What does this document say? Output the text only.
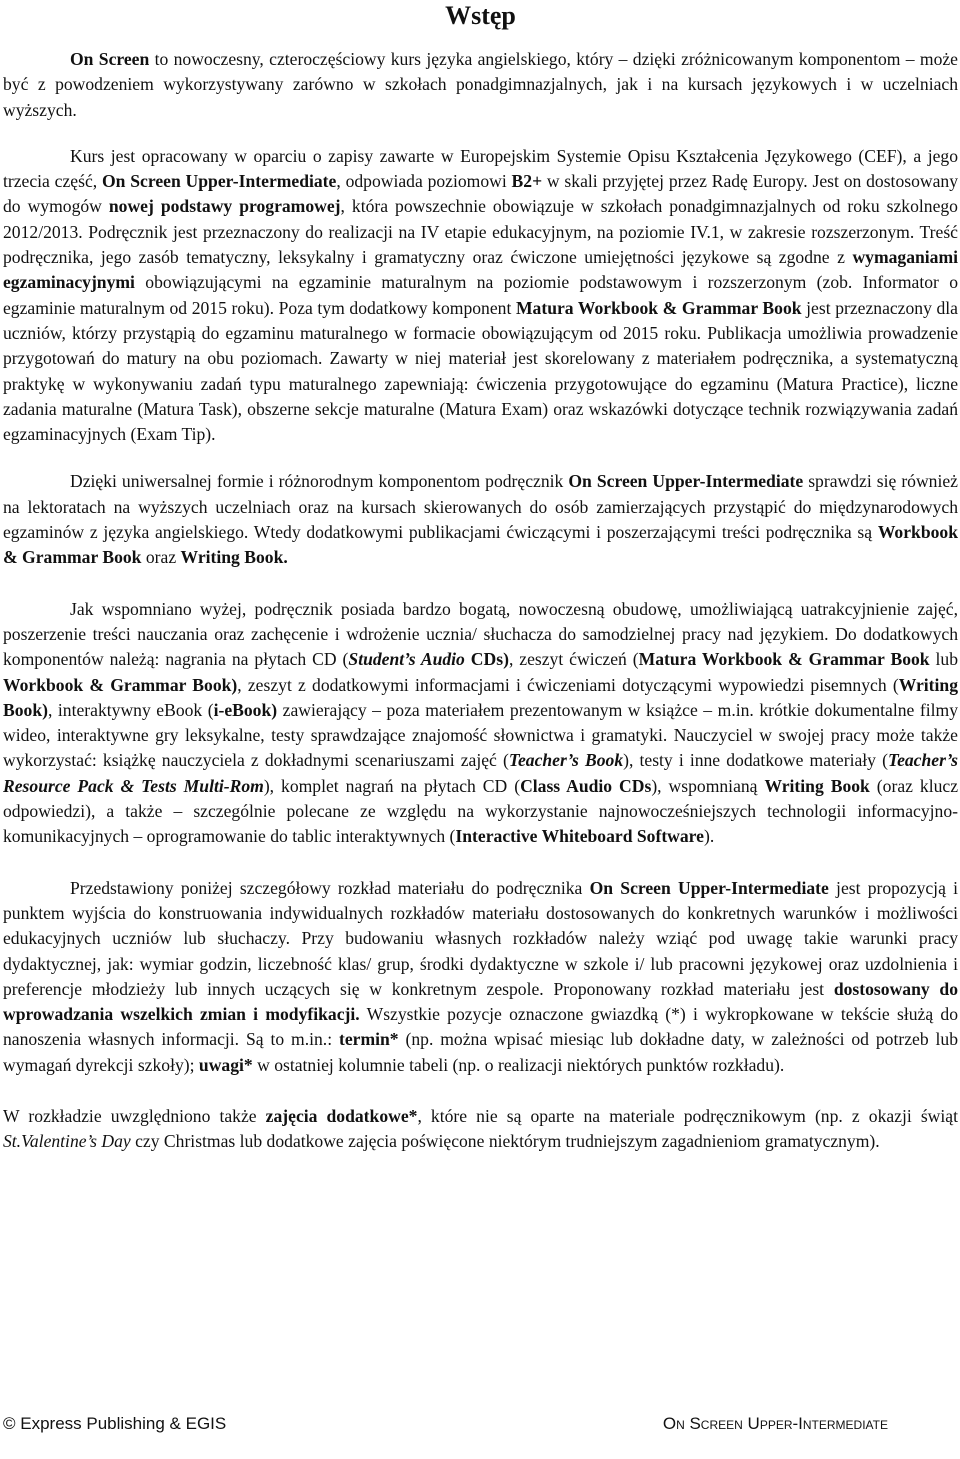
Wstęp

On Screen to nowoczesny, czteroczęściowy kurs języka angielskiego, który – dzięki zróżnicowanym komponentom – może być z powodzeniem wykorzystywany zarówno w szkołach ponadgimnazjalnych, jak i na kursach językowych i w uczelniach wyższych.

Kurs jest opracowany w oparciu o zapisy zawarte w Europejskim Systemie Opisu Kształcenia Językowego (CEF), a jego trzecia część, On Screen Upper-Intermediate, odpowiada poziomowi B2+ w skali przyjętej przez Radę Europy. Jest on dostosowany do wymogów nowej podstawy programowej, która powszechnie obowiązuje w szkołach ponadgimnazjalnych od roku szkolnego 2012/2013. Podręcznik jest przeznaczony do realizacji na IV etapie edukacyjnym, na poziomie IV.1, w zakresie rozszerzonym. Treść podręcznika, jego zasób tematyczny, leksykalny i gramatyczny oraz ćwiczone umiejętności językowe są zgodne z wymaganiami egzaminacyjnymi obowiązującymi na egzaminie maturalnym na poziomie podstawowym i rozszerzonym (zob. Informator o egzaminie maturalnym od 2015 roku). Poza tym dodatkowy komponent Matura Workbook & Grammar Book jest przeznaczony dla uczniów, którzy przystąpią do egzaminu maturalnego w formacie obowiązującym od 2015 roku. Publikacja umożliwia prowadzenie przygotowań do matury na obu poziomach. Zawarty w niej materiał jest skorelowany z materiałem podręcznika, a systematyczną praktykę w wykonywaniu zadań typu maturalnego zapewniają: ćwiczenia przygotowujące do egzaminu (Matura Practice), liczne zadania maturalne (Matura Task), obszerne sekcje maturalne (Matura Exam) oraz wskazówki dotyczące technik rozwiązywania zadań egzaminacyjnych (Exam Tip).

Dzięki uniwersalnej formie i różnorodnym komponentom podręcznik On Screen Upper-Intermediate sprawdzi się również na lektoratach na wyższych uczelniach oraz na kursach skierowanych do osób zamierzających przystąpić do międzynarodowych egzaminów z języka angielskiego. Wtedy dodatkowymi publikacjami ćwiczącymi i poszerzającymi treści podręcznika są Workbook & Grammar Book oraz Writing Book.

Jak wspomniano wyżej, podręcznik posiada bardzo bogatą, nowoczesną obudowę, umożliwiającą uatrakcyjnienie zajęć, poszerzenie treści nauczania oraz zachęcenie i wdrożenie ucznia/ słuchacza do samodzielnej pracy nad językiem. Do dodatkowych komponentów należą: nagrania na płytach CD (Student’s Audio CDs), zeszyt ćwiczeń (Matura Workbook & Grammar Book lub Workbook & Grammar Book), zeszyt z dodatkowymi informacjami i ćwiczeniami dotyczącymi wypowiedzi pisemnych (Writing Book), interaktywny eBook (i-eBook) zawierający – poza materiałem prezentowanym w książce – m.in. krótkie dokumentalne filmy wideo, interaktywne gry leksykalne, testy sprawdzające znajomość słownictwa i gramatyki. Nauczyciel w swojej pracy może także wykorzystać: książkę nauczyciela z dokładnymi scenariuszami zajęć (Teacher’s Book), testy i inne dodatkowe materiały (Teacher’s Resource Pack & Tests Multi-Rom), komplet nagrań na płytach CD (Class Audio CDs), wspomnianą Writing Book (oraz klucz odpowiedzi), a także – szczególnie polecane ze względu na wykorzystanie najnowocześniejszych technologii informacyjno-komunikacyjnych – oprogramowanie do tablic interaktywnych (Interactive Whiteboard Software).

Przedstawiony poniżej szczegółowy rozkład materiału do podręcznika On Screen Upper-Intermediate jest propozycją i punktem wyjścia do konstruowania indywidualnych rozkładów materiału dostosowanych do konkretnych warunków i możliwości edukacyjnych uczniów lub słuchaczy. Przy budowaniu własnych rozkładów należy wziąć pod uwagę takie warunki pracy dydaktycznej, jak: wymiar godzin, liczebność klas/ grup, środki dydaktyczne w szkole i/ lub pracowni językowej oraz uzdolnienia i preferencje młodzieży lub innych uczących się w konkretnym zespole. Proponowany rozkład materiału jest dostosowany do wprowadzania wszelkich zmian i modyfikacji. Wszystkie pozycje oznaczone gwiazdką (*) i wykropkowane w tekście służą do nanoszenia własnych informacji. Są to m.in.: termin* (np. można wpisać miesiąc lub dokładne daty, w zależności od potrzeb lub wymagań dyrekcji szkoły); uwagi* w ostatniej kolumnie tabeli (np. o realizacji niektórych punktów rozkładu).

W rozkładzie uwzględniono także zajęcia dodatkowe*, które nie są oparte na materiale podręcznikowym (np. z okazji świąt St.Valentine’s Day czy Christmas lub dodatkowe zajęcia poświęcone niektórym trudniejszym zagadnieniom gramatycznym).

© Express Publishing & EGIS	On Screen Upper-Intermediate
